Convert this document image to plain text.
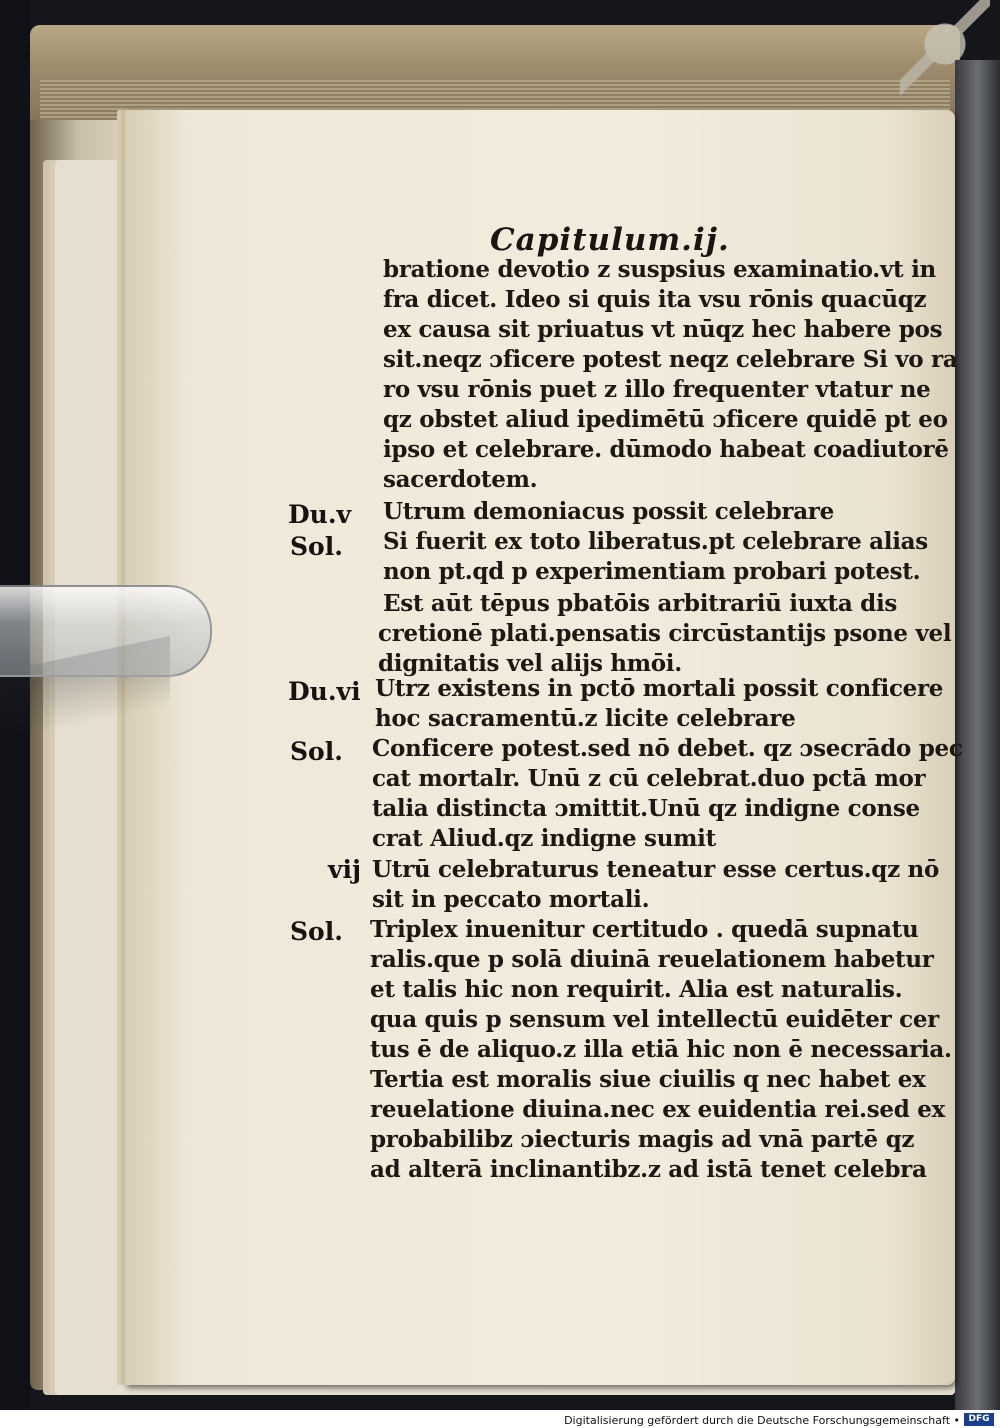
Capitulum.ij.
Du.v
Sol.
Du.vi
Sol.
vij
Sol.
bratione devotio z suspsius examinatio.vt in
fra dicet. Ideo si quis ita vsu rōnis quacūqz
ex causa sit priuatus vt nūqz hec habere pos
sit.neqz ɔficere potest neqz celebrare Si vo ra
ro vsu rōnis puet z illo frequenter vtatur ne
qz obstet aliud ipedimētū ɔficere quidē pt eo
ipso et celebrare. dūmodo habeat coadiutorē
sacerdotem.
Utrum demoniacus possit celebrare
Si fuerit ex toto liberatus.pt celebrare alias
non pt.qd p experimentiam probari potest.
Est aūt tēpus pbatōis arbitrariū iuxta dis
cretionē plati.pensatis circūstantijs psone vel
dignitatis vel alijs hmōi.
Utrz existens in pctō mortali possit conficere
hoc sacramentū.z licite celebrare
Conficere potest.sed nō debet. qz ɔsecrādo pec
cat mortalr. Unū z cū celebrat.duo pctā mor
talia distincta ɔmittit.Unū qz indigne conse
crat Aliud.qz indigne sumit
Utrū celebraturus teneatur esse certus.qz nō
sit in peccato mortali.
Triplex inuenitur certitudo . quedā supnatu
ralis.que p solā diuinā reuelationem habetur
et talis hic non requirit. Alia est naturalis.
qua quis p sensum vel intellectū euidēter cer
tus ē de aliquo.z illa etiā hic non ē necessaria.
Tertia est moralis siue ciuilis q nec habet ex
reuelatione diuina.nec ex euidentia rei.sed ex
probabilibz ɔiecturis magis ad vnā partē qz
ad alterā inclinantibz.z ad istā tenet celebra
Digitalisierung gefördert durch die Deutsche Forschungsgemeinschaft • DFG
